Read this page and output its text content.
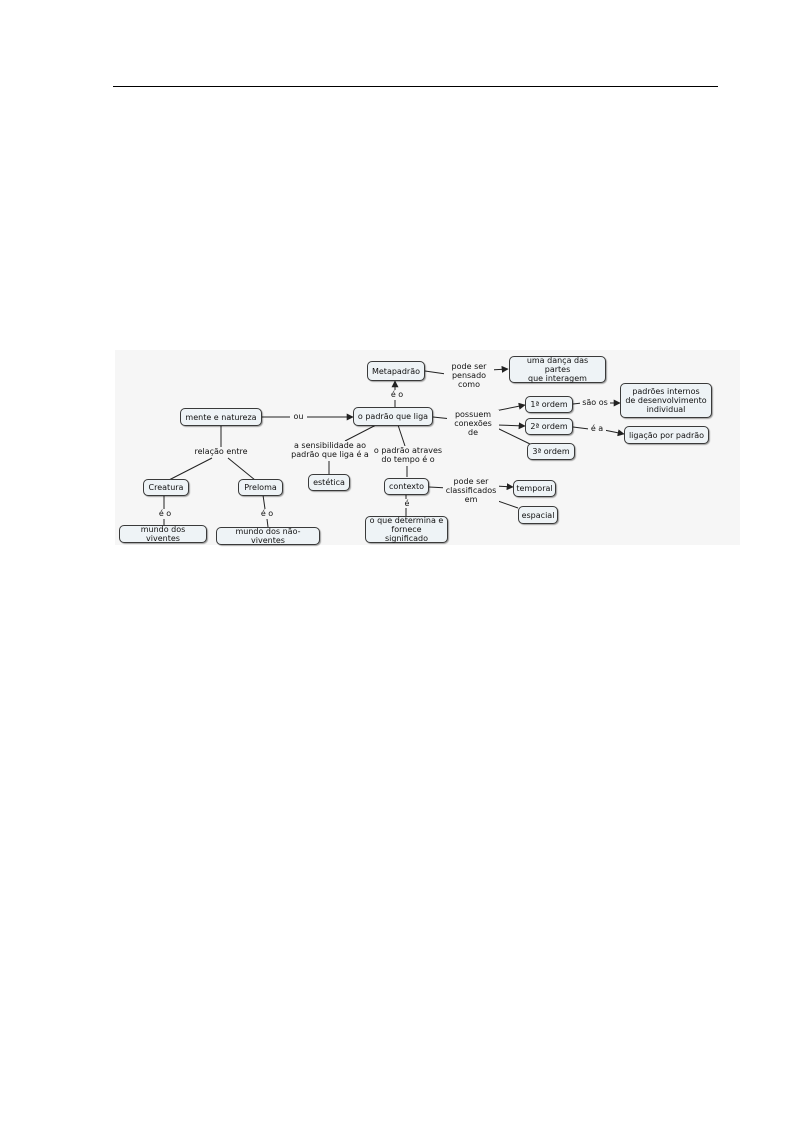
Metapadrão
uma dança das partes
que interagem
mente e natureza	o padrão que liga
1ª ordem
2ª ordem
3ª ordem
padrões internos
de desenvolvimento
individual
ligação por padrão
Creatura	Preloma
mundo dos viventes
mundo dos não-viventes
estética	contexto	temporal
espacial
o que determina e
fornece significado
pode ser
pensado como
é o
ou	possuem
conexões de
são os
é a
relação entre
é o	é o
a sensibilidade ao
padrão que liga é a o padrão atraves
do tempo é o
pode ser
classificados em
é
